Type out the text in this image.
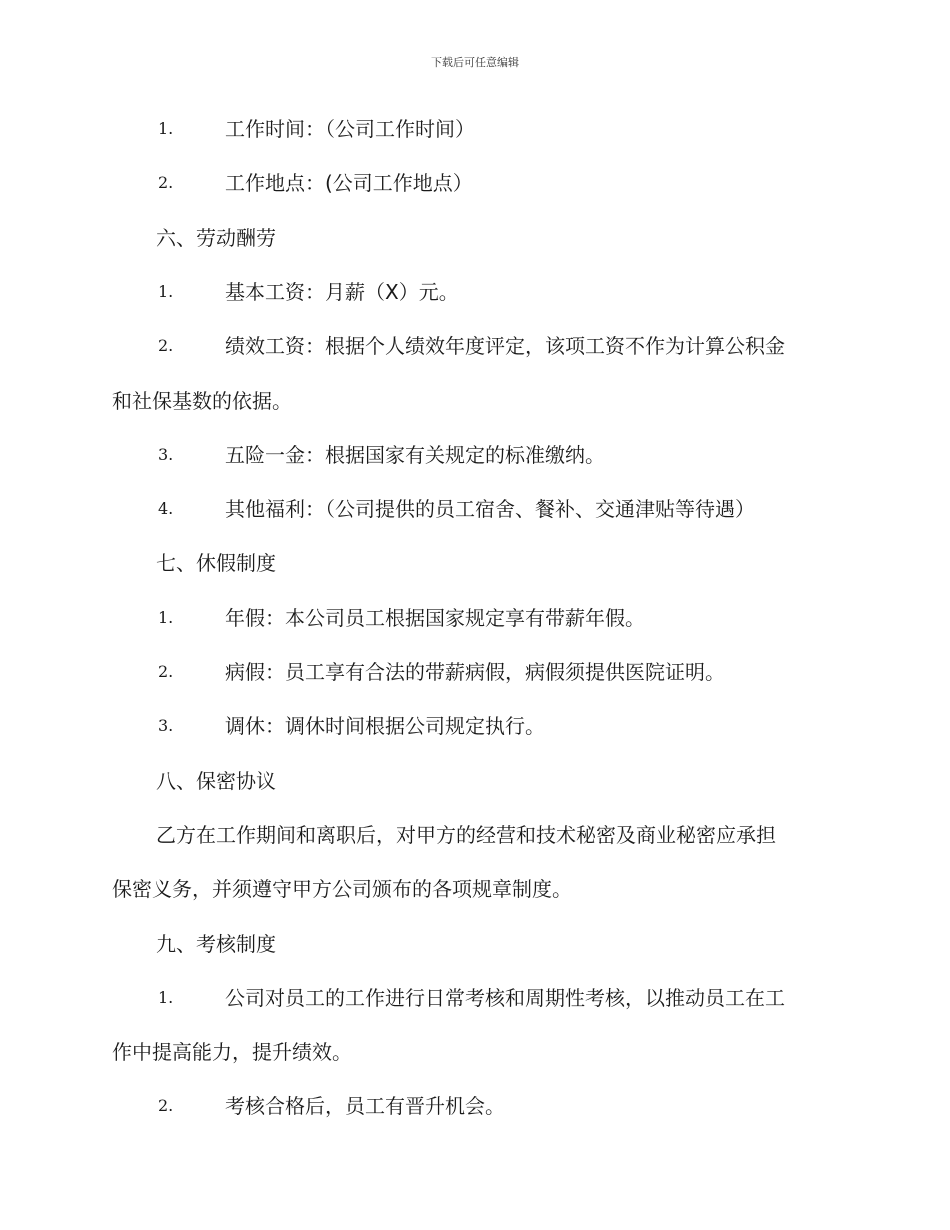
下载后可任意编辑
1.	工作时间：（公司工作时间）
2.	工作地点：(公司工作地点）
六、劳动酬劳
1.	基本工资：月薪（X）元。
2.	绩效工资：根据个人绩效年度评定，该项工资不作为计算公积金
和社保基数的依据。
3.	五险一金：根据国家有关规定的标准缴纳。
4.	其他福利：（公司提供的员工宿舍、餐补、交通津贴等待遇）
七、休假制度
1.	年假：本公司员工根据国家规定享有带薪年假。
2.	病假：员工享有合法的带薪病假，病假须提供医院证明。
3.	调休：调休时间根据公司规定执行。
八、保密协议
乙方在工作期间和离职后，对甲方的经营和技术秘密及商业秘密应承担
保密义务，并须遵守甲方公司颁布的各项规章制度。
九、考核制度
1.	公司对员工的工作进行日常考核和周期性考核，以推动员工在工
作中提高能力，提升绩效。
2.	考核合格后，员工有晋升机会。
